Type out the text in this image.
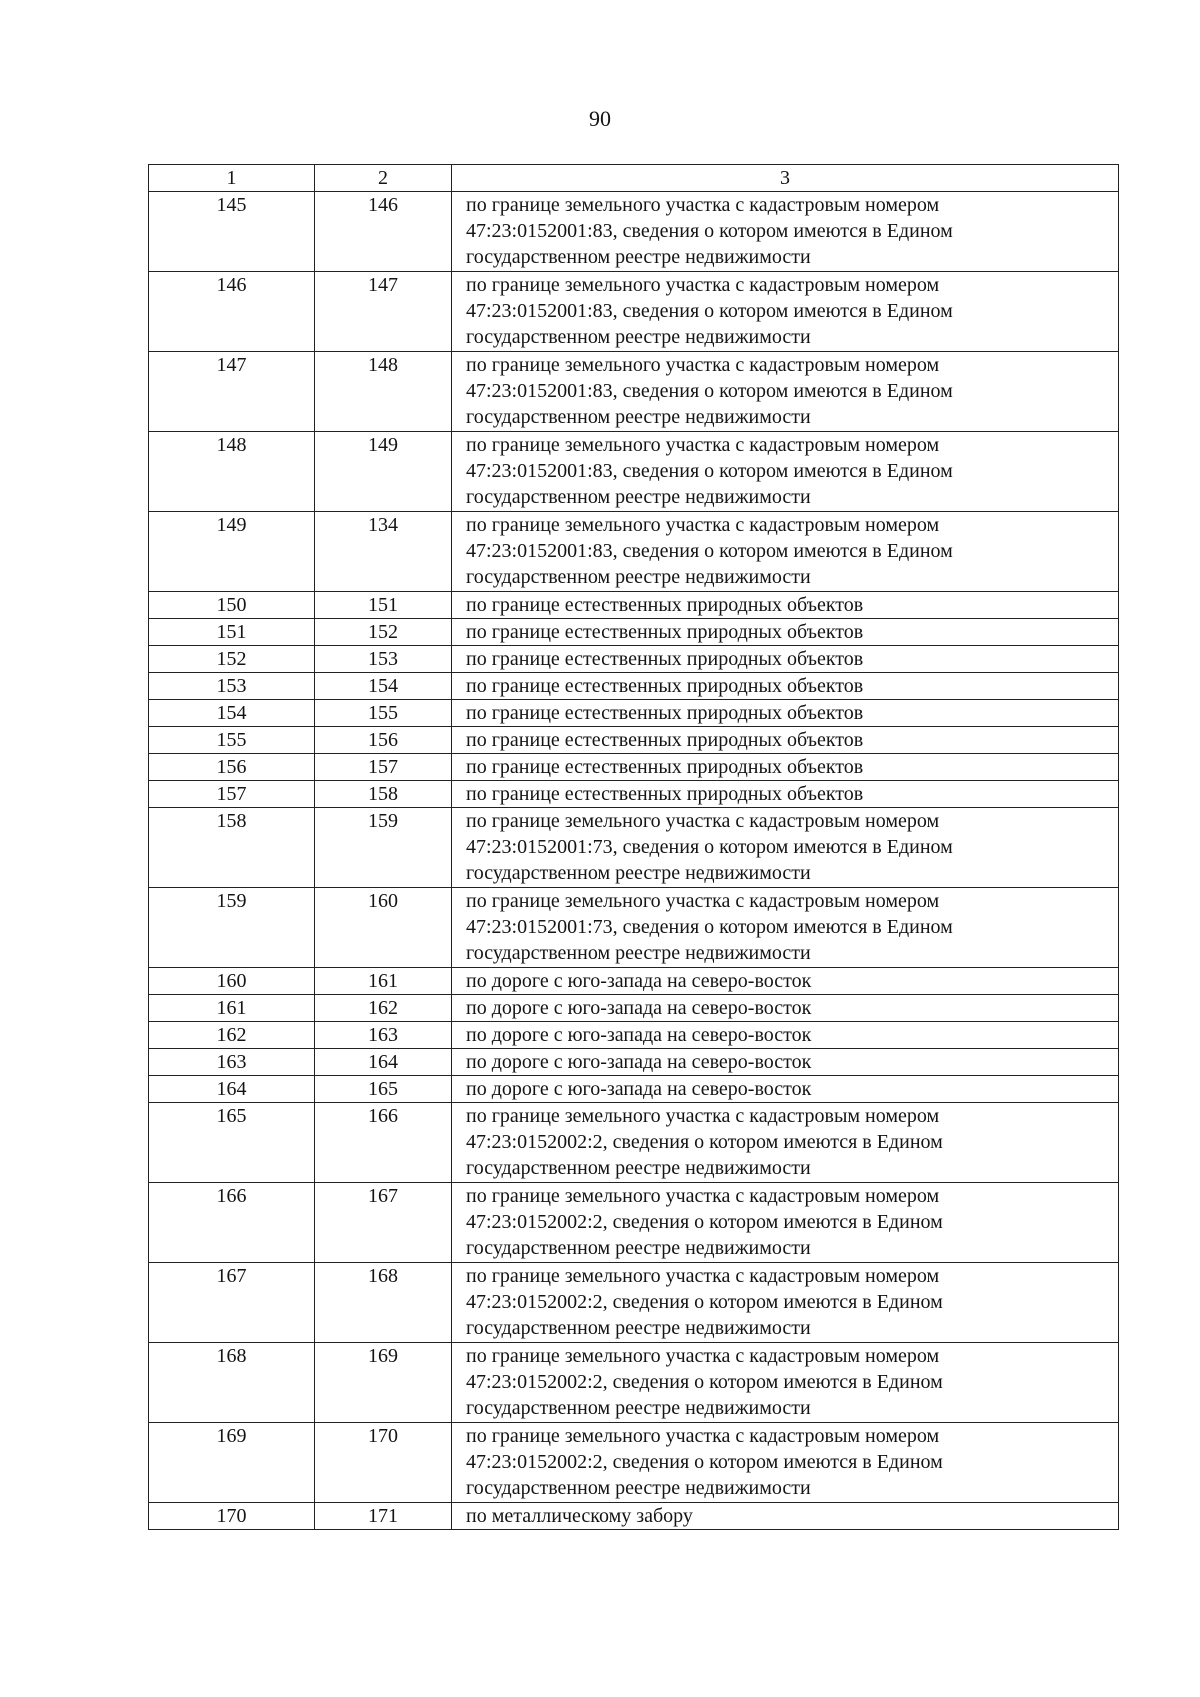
90
1	2	3
145	146	по границе земельного участка с кадастровым номером
47:23:0152001:83, сведения о котором имеются в Едином
государственном реестре недвижимости

146	147	по границе земельного участка с кадастровым номером
47:23:0152001:83, сведения о котором имеются в Едином
государственном реестре недвижимости

147	148	по границе земельного участка с кадастровым номером
47:23:0152001:83, сведения о котором имеются в Едином
государственном реестре недвижимости

148	149	по границе земельного участка с кадастровым номером
47:23:0152001:83, сведения о котором имеются в Едином
государственном реестре недвижимости

149	134	по границе земельного участка с кадастровым номером
47:23:0152001:83, сведения о котором имеются в Едином
государственном реестре недвижимости

150	151	по границе естественных природных объектов

151	152	по границе естественных природных объектов

152	153	по границе естественных природных объектов

153	154	по границе естественных природных объектов

154	155	по границе естественных природных объектов

155	156	по границе естественных природных объектов

156	157	по границе естественных природных объектов

157	158	по границе естественных природных объектов

158	159	по границе земельного участка с кадастровым номером
47:23:0152001:73, сведения о котором имеются в Едином
государственном реестре недвижимости

159	160	по границе земельного участка с кадастровым номером
47:23:0152001:73, сведения о котором имеются в Едином
государственном реестре недвижимости

160	161	по дороге с юго-запада на северо-восток

161	162	по дороге с юго-запада на северо-восток

162	163	по дороге с юго-запада на северо-восток

163	164	по дороге с юго-запада на северо-восток

164	165	по дороге с юго-запада на северо-восток

165	166	по границе земельного участка с кадастровым номером
47:23:0152002:2, сведения о котором имеются в Едином
государственном реестре недвижимости

166	167	по границе земельного участка с кадастровым номером
47:23:0152002:2, сведения о котором имеются в Едином
государственном реестре недвижимости

167	168	по границе земельного участка с кадастровым номером
47:23:0152002:2, сведения о котором имеются в Едином
государственном реестре недвижимости

168	169	по границе земельного участка с кадастровым номером
47:23:0152002:2, сведения о котором имеются в Едином
государственном реестре недвижимости

169	170	по границе земельного участка с кадастровым номером
47:23:0152002:2, сведения о котором имеются в Едином
государственном реестре недвижимости

170	171	по металлическому забору
